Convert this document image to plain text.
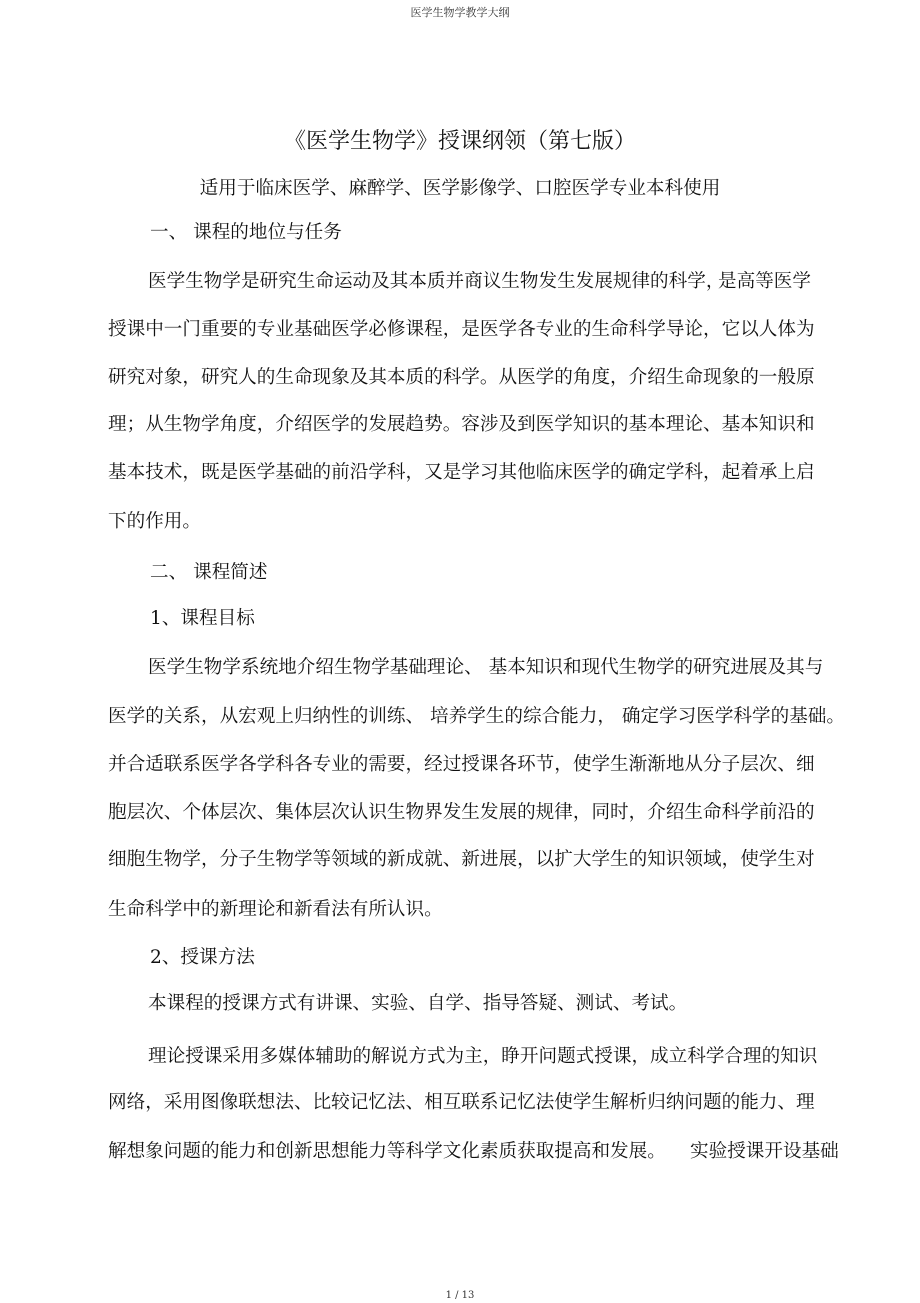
医学生物学教学大纲
《医学生物学》授课纲领（第七版）
适用于临床医学、麻醉学、医学影像学、口腔医学专业本科使用
一、 课程的地位与任务
医学生物学是研究生命运动及其本质并商议生物发生发展规律的科学，
是高等医学
授课中一门重要的专业基础医学必修课程，是医学各专业的生命科学导论，它以人体为
研究对象，研究人的生命现象及其本质的科学。从医学的角度，介绍生命现象的一般原
理；从生物学角度，介绍医学的发展趋势。容涉及到医学知识的基本理论、基本知识和
基本技术，既是医学基础的前沿学科，又是学习其他临床医学的确定学科，起着承上启
下的作用。
二、 课程简述
1、课程目标
医学生物学系统地介绍生物学基础理论、 基本知识和现代生物学的研究进展及其与
医学的关系，从宏观上归纳性的训练、 培养学生的综合能力， 确定学习医学科学的基础。
并合适联系医学各学科各专业的需要，经过授课各环节，使学生渐渐地从分子层次、细
胞层次、个体层次、集体层次认识生物界发生发展的规律，同时，介绍生命科学前沿的
细胞生物学，分子生物学等领域的新成就、新进展，以扩大学生的知识领域，使学生对
生命科学中的新理论和新看法有所认识。
2、授课方法
本课程的授课方式有讲课、实验、自学、指导答疑、测试、考试。
理论授课采用多媒体辅助的解说方式为主，睁开问题式授课，成立科学合理的知识
网络，采用图像联想法、比较记忆法、相互联系记忆法使学生解析归纳问题的能力、理
解想象问题的能力和创新思想能力等科学文化素质获取提高和发展。 实验授课开设基础
1 / 13
